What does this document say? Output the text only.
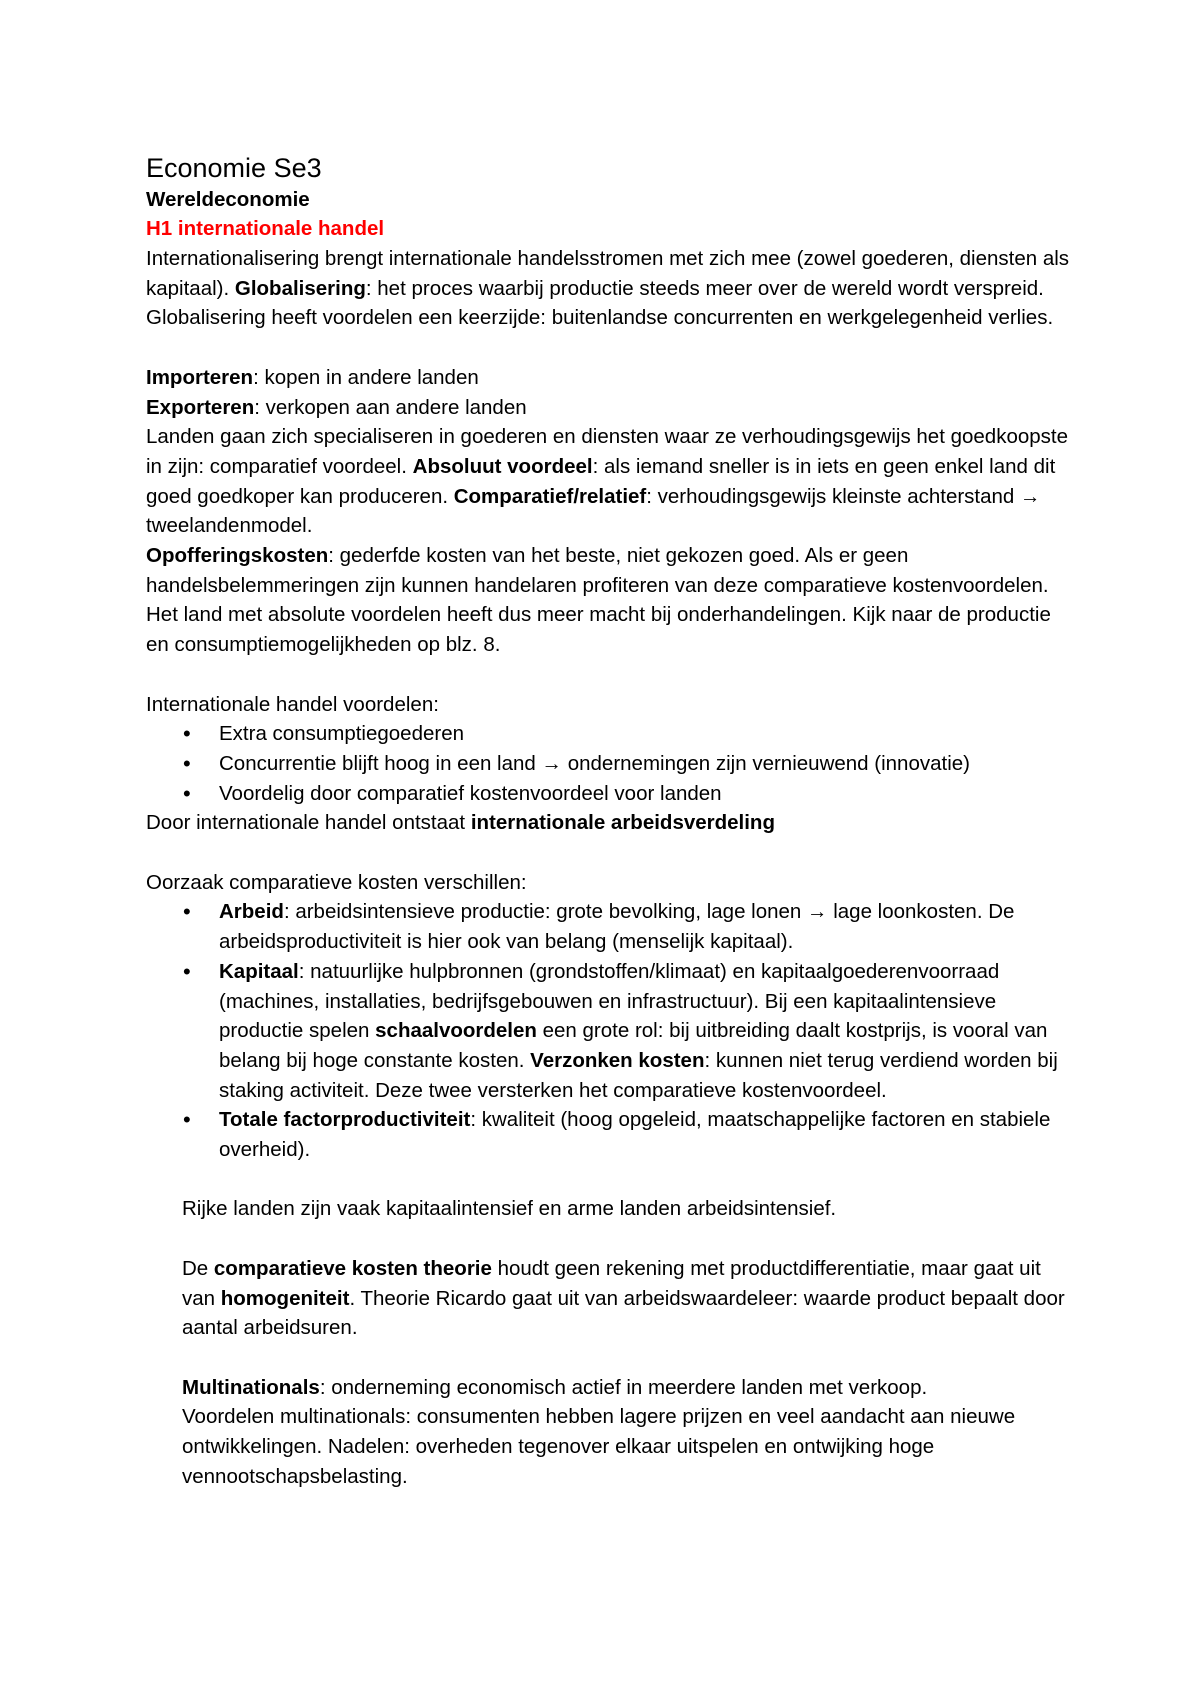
Economie Se3
Wereldeconomie
H1 internationale handel

Internationalisering brengt internationale handelsstromen met zich mee (zowel goederen, diensten als kapitaal). Globalisering: het proces waarbij productie steeds meer over de wereld wordt verspreid. Globalisering heeft voordelen een keerzijde: buitenlandse concurrenten en werkgelegenheid verlies.

Importeren: kopen in andere landen

Exporteren: verkopen aan andere landen

Landen gaan zich specialiseren in goederen en diensten waar ze verhoudingsgewijs het goedkoopste in zijn: comparatief voordeel. Absoluut voordeel: als iemand sneller is in iets en geen enkel land dit goed goedkoper kan produceren. Comparatief/relatief: verhoudingsgewijs kleinste achterstand → tweelandenmodel.

Opofferingskosten: gederfde kosten van het beste, niet gekozen goed. Als er geen handelsbelemmeringen zijn kunnen handelaren profiteren van deze comparatieve kostenvoordelen. Het land met absolute voordelen heeft dus meer macht bij onderhandelingen. Kijk naar de productie en consumptiemogelijkheden op blz. 8.

Internationale handel voordelen:

• Extra consumptiegoederen
• Concurrentie blijft hoog in een land → ondernemingen zijn vernieuwend (innovatie)
• Voordelig door comparatief kostenvoordeel voor landen

Door internationale handel ontstaat internationale arbeidsverdeling

Oorzaak comparatieve kosten verschillen:

• Arbeid: arbeidsintensieve productie: grote bevolking, lage lonen → lage loonkosten. De arbeidsproductiviteit is hier ook van belang (menselijk kapitaal).
• Kapitaal: natuurlijke hulpbronnen (grondstoffen/klimaat) en kapitaalgoederenvoorraad (machines, installaties, bedrijfsgebouwen en infrastructuur). Bij een kapitaalintensieve productie spelen schaalvoordelen een grote rol: bij uitbreiding daalt kostprijs, is vooral van belang bij hoge constante kosten. Verzonken kosten: kunnen niet terug verdiend worden bij staking activiteit. Deze twee versterken het comparatieve kostenvoordeel.
• Totale factorproductiviteit: kwaliteit (hoog opgeleid, maatschappelijke factoren en stabiele overheid).

Rijke landen zijn vaak kapitaalintensief en arme landen arbeidsintensief.

De comparatieve kosten theorie houdt geen rekening met productdifferentiatie, maar gaat uit van homogeniteit. Theorie Ricardo gaat uit van arbeidswaardeleer: waarde product bepaalt door aantal arbeidsuren.

Multinationals: onderneming economisch actief in meerdere landen met verkoop.

Voordelen multinationals: consumenten hebben lagere prijzen en veel aandacht aan nieuwe ontwikkelingen. Nadelen: overheden tegenover elkaar uitspelen en ontwijking hoge vennootschapsbelasting.
